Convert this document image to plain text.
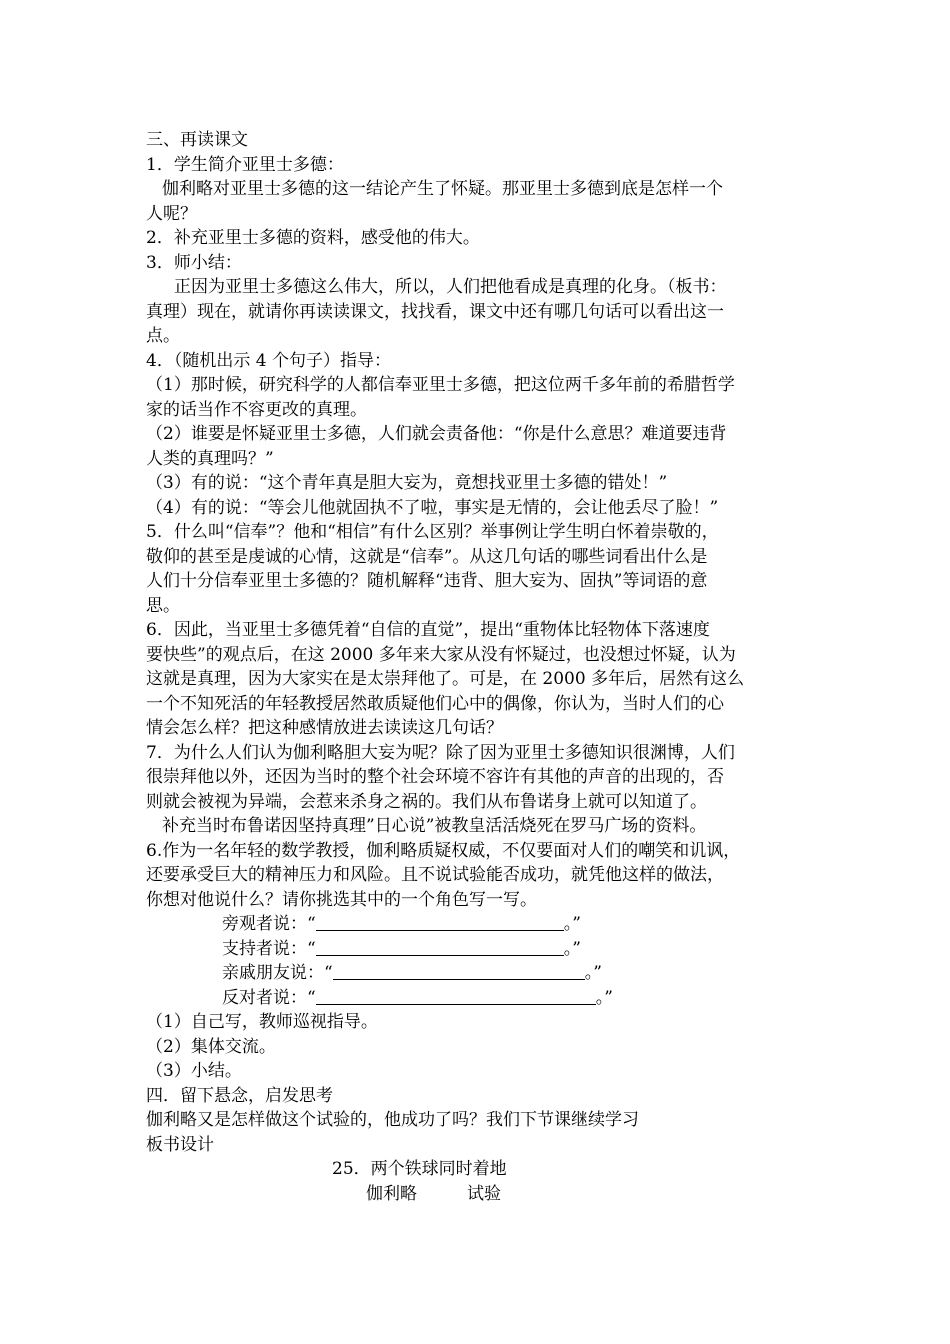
三、再读课文
1．学生简介亚里士多德：
伽利略对亚里士多德的这一结论产生了怀疑。那亚里士多德到底是怎样一个
人呢？
2．补充亚里士多德的资料，感受他的伟大。
3．师小结：
正因为亚里士多德这么伟大，所以，人们把他看成是真理的化身。（板书：
真理）现在，就请你再读读课文，找找看，课文中还有哪几句话可以看出这一
点。
4．（随机出示 4 个句子）指导：
（1）那时候，研究科学的人都信奉亚里士多德，把这位两千多年前的希腊哲学
家的话当作不容更改的真理。
（2）谁要是怀疑亚里士多德，人们就会责备他：“你是什么意思？难道要违背
人类的真理吗？”
（3）有的说：“这个青年真是胆大妄为，竟想找亚里士多德的错处！”
（4）有的说：“等会儿他就固执不了啦，事实是无情的，会让他丢尽了脸！”
5．什么叫“信奉”？他和“相信”有什么区别？举事例让学生明白怀着崇敬的，
敬仰的甚至是虔诚的心情，这就是“信奉”。从这几句话的哪些词看出什么是
人们十分信奉亚里士多德的？随机解释“违背、胆大妄为、固执”等词语的意
思。
6．因此，当亚里士多德凭着“自信的直觉”，提出“重物体比轻物体下落速度
要快些”的观点后，在这 2000 多年来大家从没有怀疑过，也没想过怀疑，认为
这就是真理，因为大家实在是太崇拜他了。可是，在 2000 多年后，居然有这么
一个不知死活的年轻教授居然敢质疑他们心中的偶像，你认为，当时人们的心
情会怎么样？把这种感情放进去读读这几句话？
7．为什么人们认为伽利略胆大妄为呢？除了因为亚里士多德知识很渊博，人们
很崇拜他以外，还因为当时的整个社会环境不容许有其他的声音的出现的，否
则就会被视为异端，会惹来杀身之祸的。我们从布鲁诺身上就可以知道了。
补充当时布鲁诺因坚持真理”日心说”被教皇活活烧死在罗马广场的资料。
6.作为一名年轻的数学教授，伽利略质疑权威，不仅要面对人们的嘲笑和讥讽，
还要承受巨大的精神压力和风险。且不说试验能否成功，就凭他这样的做法，
你想对他说什么？请你挑选其中的一个角色写一写。
旁观者说：“	。”
支持者说：“	。”
亲戚朋友说：“	。”
反对者说：“	。”
（1）自己写，教师巡视指导。
（2）集体交流。
（3）小结。
四．留下悬念，启发思考
伽利略又是怎样做这个试验的，他成功了吗？我们下节课继续学习
板书设计
25．两个铁球同时着地
伽利略	试验
